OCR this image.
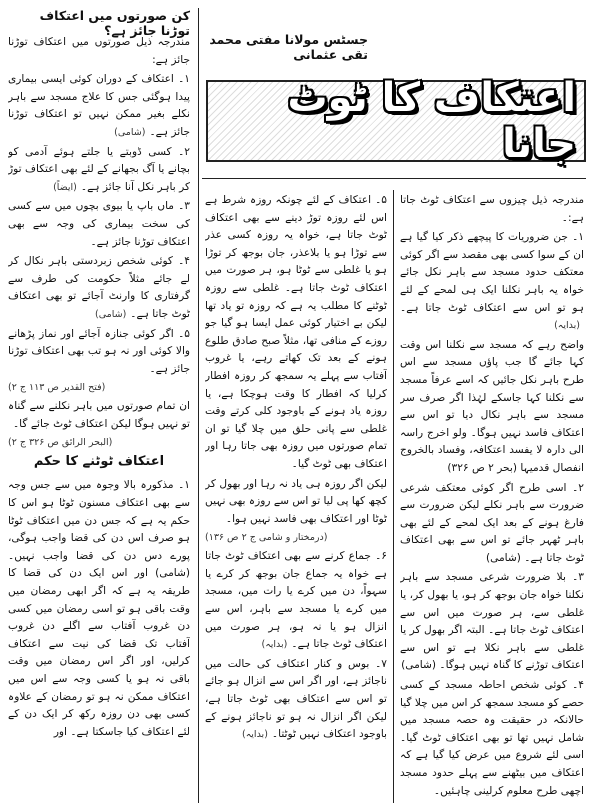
جسٹس مولانا مفتی محمد تقی عثمانی
اعتکاف کا ٹوٹ جانا
کن صورتوں میں اعتکاف توڑنا جائز ہے؟

مندرجہ ذیل صورتوں میں اعتکاف توڑنا جائز ہے:

۱۔ اعتکاف کے دوران کوئی ایسی بیماری پیدا ہوگئی جس کا علاج مسجد سے باہر نکلے بغیر ممکن نہیں تو اعتکاف توڑنا جائز ہے۔(شامی)

۲۔ کسی ڈوبتے یا جلتے ہوئے آدمی کو بچانے یا آگ بجھانے کے لئے بھی اعتکاف توڑ کر باہر نکل آنا جائز ہے۔(ایضاً)

۳۔ ماں باپ یا بیوی بچوں میں سے کسی کی سخت بیماری کی وجہ سے بھی اعتکاف توڑنا جائز ہے۔

۴۔ کوئی شخص زبردستی باہر نکال کر لے جائے مثلاً حکومت کی طرف سے گرفتاری کا وارنٹ آجائے تو بھی اعتکاف ٹوٹ جاتا ہے۔(شامی)

۵۔ اگر کوئی جنازہ آجائے اور نماز پڑھانے والا کوئی اور نہ ہو تب بھی اعتکاف توڑنا جائز ہے۔

(فتح القدیر ص ۱۱۳ ج ۲)

ان تمام صورتوں میں باہر نکلنے سے گناہ تو نہیں ہوگا لیکن اعتکاف ٹوٹ جائے گا۔

(البحر الرائق ص ۳۲۶ ج ۲)

اعتکاف ٹوٹنے کا حکم

۱۔ مذکورہ بالا وجوہ میں سے جس وجہ سے بھی اعتکاف مسنون ٹوٹا ہو اس کا حکم یہ ہے کہ جس دن میں اعتکاف ٹوٹا ہو صرف اس دن کی قضا واجب ہوگی، پورے دس دن کی قضا واجب نہیں۔ (شامی) اور اس ایک دن کی قضا کا طریقہ یہ ہے کہ اگر ابھی رمضان میں وقت باقی ہو تو اسی رمضان میں کسی دن غروب آفتاب سے اگلے دن غروب آفتاب تک قضا کی نیت سے اعتکاف کرلیں، اور اگر اس رمضان میں وقت باقی نہ ہو یا کسی وجہ سے اس میں اعتکاف ممکن نہ ہو تو رمضان کے علاوہ کسی بھی دن روزہ رکھ کر ایک دن کے لئے اعتکاف کیا جاسکتا ہے۔ اور

۵۔ اعتکاف کے لئے چونکہ روزہ شرط ہے اس لئے روزہ توڑ دینے سے بھی اعتکاف ٹوٹ جاتا ہے، خواہ یہ روزہ کسی عذر سے توڑا ہو یا بلاعذر، جان بوجھ کر توڑا ہو یا غلطی سے ٹوٹا ہو، ہر صورت میں اعتکاف ٹوٹ جاتا ہے۔ غلطی سے روزہ ٹوٹنے کا مطلب یہ ہے کہ روزہ تو یاد تھا لیکن بے اختیار کوئی عمل ایسا ہو گیا جو روزے کے منافی تھا، مثلاً صبح صادق طلوع ہونے کے بعد تک کھاتے رہے، یا غروب آفتاب سے پہلے یہ سمجھ کر روزہ افطار کرلیا کہ افطار کا وقت ہوچکا ہے، یا روزہ یاد ہونے کے باوجود کلی کرتے وقت غلطی سے پانی حلق میں چلا گیا تو ان تمام صورتوں میں روزہ بھی جاتا رہا اور اعتکاف بھی ٹوٹ گیا۔

لیکن اگر روزہ ہی یاد نہ رہا اور بھول کر کچھ کھا پی لیا تو اس سے روزہ بھی نہیں ٹوٹا اور اعتکاف بھی فاسد نہیں ہوا۔

(درمختار و شامی ج ۲ ص ۱۳۶)

۶۔ جماع کرنے سے بھی اعتکاف ٹوٹ جاتا ہے خواہ یہ جماع جان بوجھ کر کرے یا سہواً، دن میں کرے یا رات میں، مسجد میں کرے یا مسجد سے باہر، اس سے انزال ہو یا نہ ہو، ہر صورت میں اعتکاف ٹوٹ جاتا ہے۔(بدایہ)

۷۔ بوس و کنار اعتکاف کی حالت میں ناجائز ہے، اور اگر اس سے انزال ہو جائے تو اس سے اعتکاف بھی ٹوٹ جاتا ہے، لیکن اگر انزال نہ ہو تو ناجائز ہونے کے باوجود اعتکاف نہیں ٹوٹتا۔(بدایہ)

مندرجہ ذیل چیزوں سے اعتکاف ٹوٹ جاتا ہے:۔

۱۔ جن ضروریات کا پیچھے ذکر کیا گیا ہے ان کے سوا کسی بھی مقصد سے اگر کوئی معتکف حدود مسجد سے باہر نکل جائے خواہ یہ باہر نکلنا ایک ہی لمحے کے لئے ہو تو اس سے اعتکاف ٹوٹ جاتا ہے۔(بدایہ)

واضح رہے کہ مسجد سے نکلنا اس وقت کہا جائے گا جب پاؤں مسجد سے اس طرح باہر نکل جائیں کہ اسے عرفاً مسجد سے نکلنا کہا جاسکے لہٰذا اگر صرف سر مسجد سے باہر نکال دیا تو اس سے اعتکاف فاسد نہیں ہوگا۔ ولو اخرج راسہ الی دارہ لا یفسد اعتکافہ، وفساد بالخروج انفصال قدمیہا (بحر ۲ ص ۳۲۶)

۲۔ اسی طرح اگر کوئی معتکف شرعی ضرورت سے باہر نکلے لیکن ضرورت سے فارغ ہونے کے بعد ایک لمحے کے لئے بھی باہر ٹھہر جائے تو اس سے بھی اعتکاف ٹوٹ جاتا ہے۔ (شامی)

۳۔ بلا ضرورت شرعی مسجد سے باہر نکلنا خواہ جان بوجھ کر ہو، یا بھول کر، یا غلطی سے، ہر صورت میں اس سے اعتکاف ٹوٹ جاتا ہے۔ البتہ اگر بھول کر یا غلطی سے باہر نکلا ہے تو اس سے اعتکاف توڑنے کا گناہ نہیں ہوگا۔ (شامی)

۴۔ کوئی شخص احاطہ مسجد کے کسی حصے کو مسجد سمجھ کر اس میں چلا گیا حالانکہ در حقیقت وہ حصہ مسجد میں شامل نہیں تھا تو بھی اعتکاف ٹوٹ گیا۔ اسی لئے شروع میں عرض کیا گیا ہے کہ اعتکاف میں بیٹھنے سے پہلے حدود مسجد اچھی طرح معلوم کرلینی چاہئیں۔
